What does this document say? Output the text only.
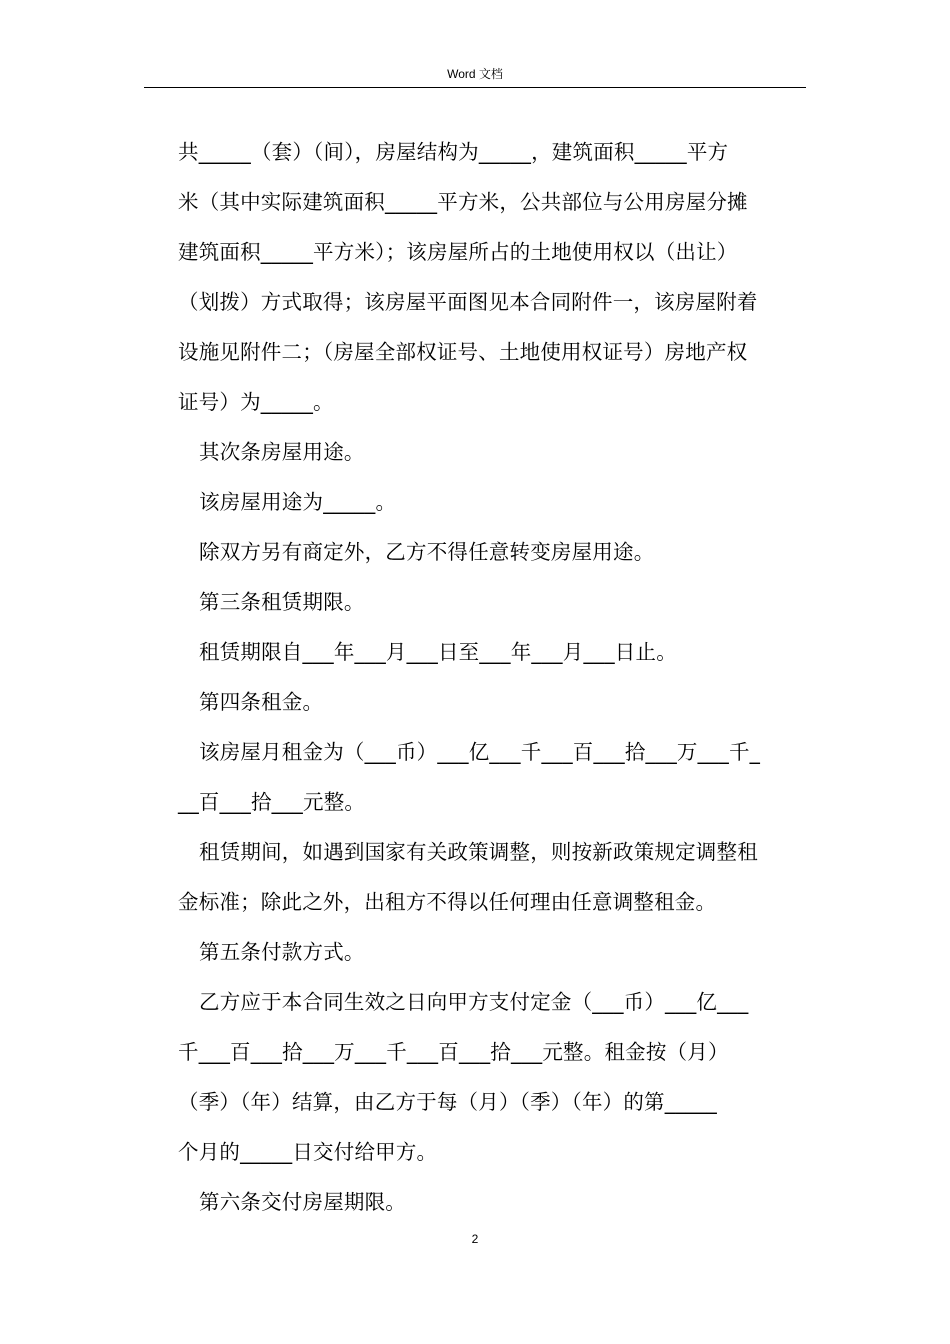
Word 文档

共_____（套）（间），房屋结构为_____，建筑面积_____平方

米（其中实际建筑面积_____平方米，公共部位与公用房屋分摊

建筑面积_____平方米）；该房屋所占的土地使用权以（出让）

（划拨）方式取得；该房屋平面图见本合同附件一，该房屋附着

设施见附件二；（房屋全部权证号、土地使用权证号）房地产权

证号）为_____。

其次条房屋用途。

该房屋用途为_____。

除双方另有商定外，乙方不得任意转变房屋用途。

第三条租赁期限。

租赁期限自___年___月___日至___年___月___日止。

第四条租金。

该房屋月租金为（___币）___亿___千___百___拾___万___千_

__百___拾___元整。

租赁期间，如遇到国家有关政策调整，则按新政策规定调整租

金标准；除此之外，出租方不得以任何理由任意调整租金。

第五条付款方式。

乙方应于本合同生效之日向甲方支付定金（___币）___亿___

千___百___拾___万___千___百___拾___元整。租金按（月）

（季）（年）结算，由乙方于每（月）（季）（年）的第_____

个月的_____日交付给甲方。

第六条交付房屋期限。

2
